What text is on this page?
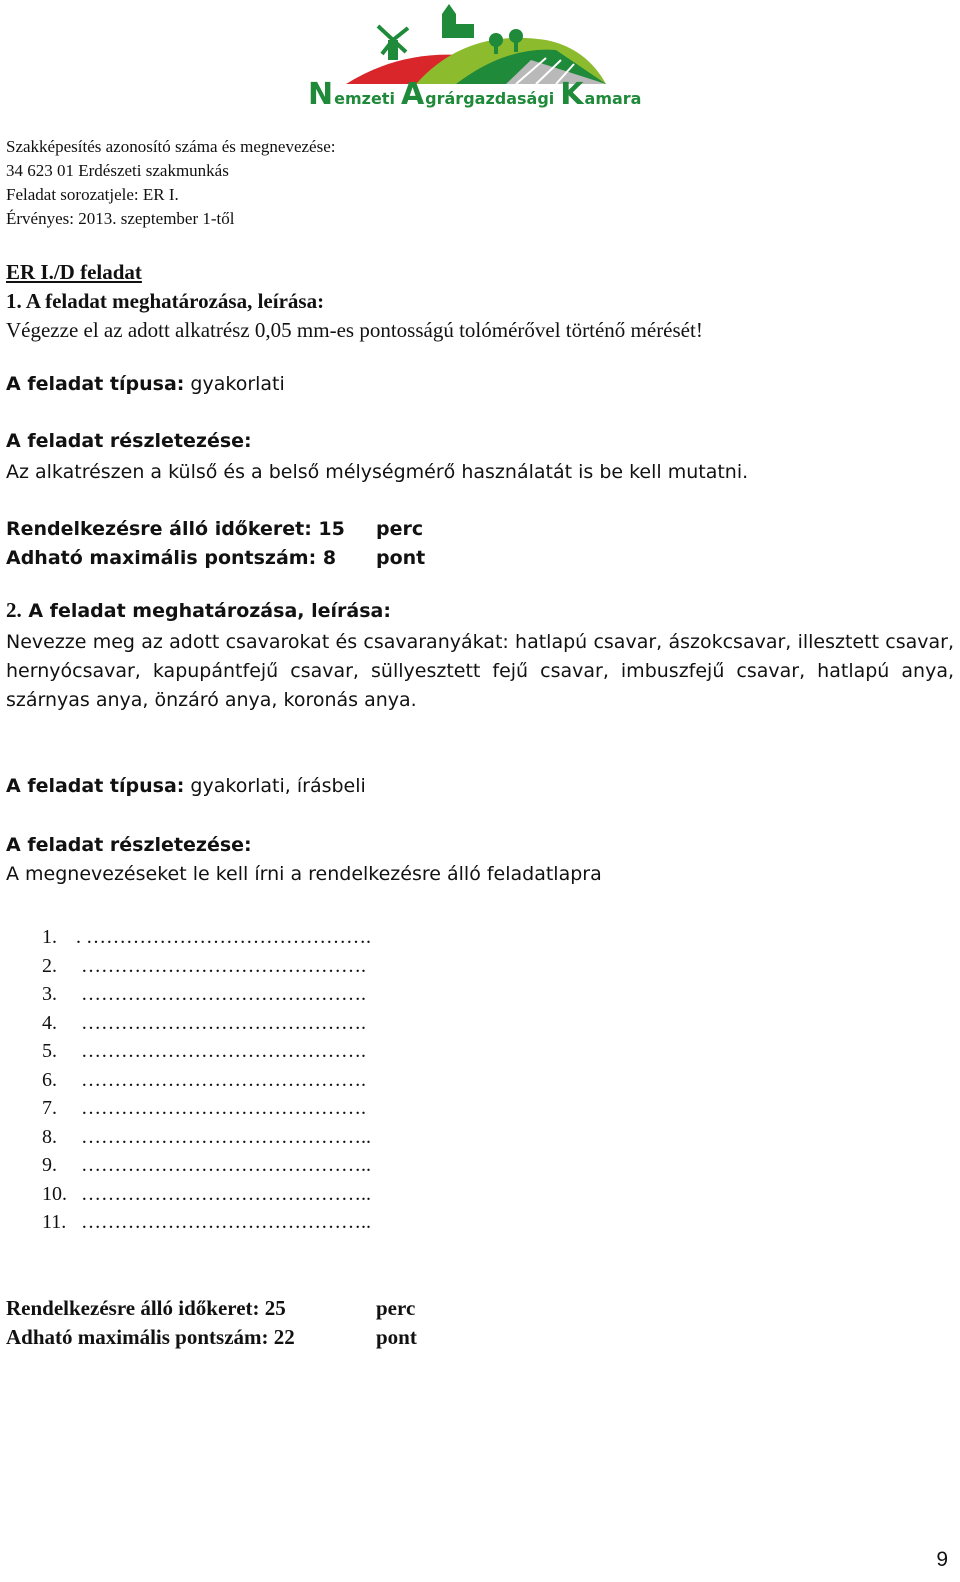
Nemzeti Agrárgazdasági Kamara
Szakképesítés azonosító száma és megnevezése:
34 623 01 Erdészeti szakmunkás
Feladat sorozatjele: ER I.
Érvényes: 2013. szeptember 1-től
ER I./D feladat
1. A feladat meghatározása, leírása:
Végezze el az adott alkatrész 0,05 mm-es pontosságú tolómérővel történő mérését!
A feladat típusa: gyakorlati
A feladat részletezése:
Az alkatrészen a külső és a belső mélységmérő használatát is be kell mutatni.
Rendelkezésre álló időkeret: 15 perc
Adható maximális pontszám: 8 pont
2. A feladat meghatározása, leírása:
Nevezze meg az adott csavarokat és csavaranyákat: hatlapú csavar, ászokcsavar, illesztett csavar, hernyócsavar, kapupántfejű csavar, süllyesztett fejű csavar, imbuszfejű csavar, hatlapú anya, szárnyas anya, önzáró anya, koronás anya.
A feladat típusa: gyakorlati, írásbeli
A feladat részletezése:
A megnevezéseket le kell írni a rendelkezésre álló feladatlapra
1. . …………………………………….
2. …………………………………….
3. …………………………………….
4. …………………………………….
5. …………………………………….
6. …………………………………….
7. …………………………………….
8. ……………………………………..
9. ……………………………………..
10. ……………………………………..
11. ……………………………………..
Rendelkezésre álló időkeret: 25	perc
Adható maximális pontszám: 22	pont
9
